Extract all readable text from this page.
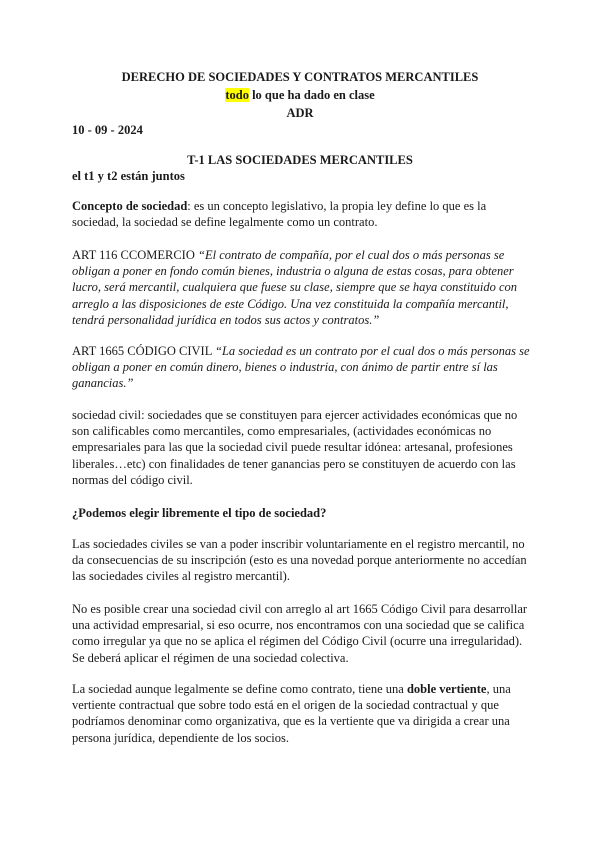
DERECHO DE SOCIEDADES Y CONTRATOS MERCANTILES
todo lo que ha dado en clase
ADR
10 - 09 - 2024
T-1 LAS SOCIEDADES MERCANTILES
el t1 y t2 están juntos
Concepto de sociedad: es un concepto legislativo, la propia ley define lo que es la sociedad, la sociedad se define legalmente como un contrato.
ART 116 CCOMERCIO “El contrato de compañía, por el cual dos o más personas se obligan a poner en fondo común bienes, industria o alguna de estas cosas, para obtener lucro, será mercantil, cualquiera que fuese su clase, siempre que se haya constituido con arreglo a las disposiciones de este Código. Una vez constituida la compañía mercantil, tendrá personalidad jurídica en todos sus actos y contratos.”
ART 1665 CÓDIGO CIVIL “La sociedad es un contrato por el cual dos o más personas se obligan a poner en común dinero, bienes o industria, con ánimo de partir entre sí las ganancias.”
sociedad civil: sociedades que se constituyen para ejercer actividades económicas que no son calificables como mercantiles, como empresariales, (actividades económicas no empresariales para las que la sociedad civil puede resultar idónea: artesanal, profesiones liberales…etc) con finalidades de tener ganancias pero se constituyen de acuerdo con las normas del código civil.
¿Podemos elegir libremente el tipo de sociedad?
Las sociedades civiles se van a poder inscribir voluntariamente en el registro mercantil, no da consecuencias de su inscripción (esto es una novedad porque anteriormente no accedían las sociedades civiles al registro mercantil).
No es posible crear una sociedad civil con arreglo al art 1665 Código Civil para desarrollar una actividad empresarial, si eso ocurre, nos encontramos con una sociedad que se califica como irregular ya que no se aplica el régimen del Código Civil (ocurre una irregularidad). Se deberá aplicar el régimen de una sociedad colectiva.
La sociedad aunque legalmente se define como contrato, tiene una doble vertiente, una vertiente contractual que sobre todo está en el origen de la sociedad contractual y que podríamos denominar como organizativa, que es la vertiente que va dirigida a crear una persona jurídica, dependiente de los socios.
